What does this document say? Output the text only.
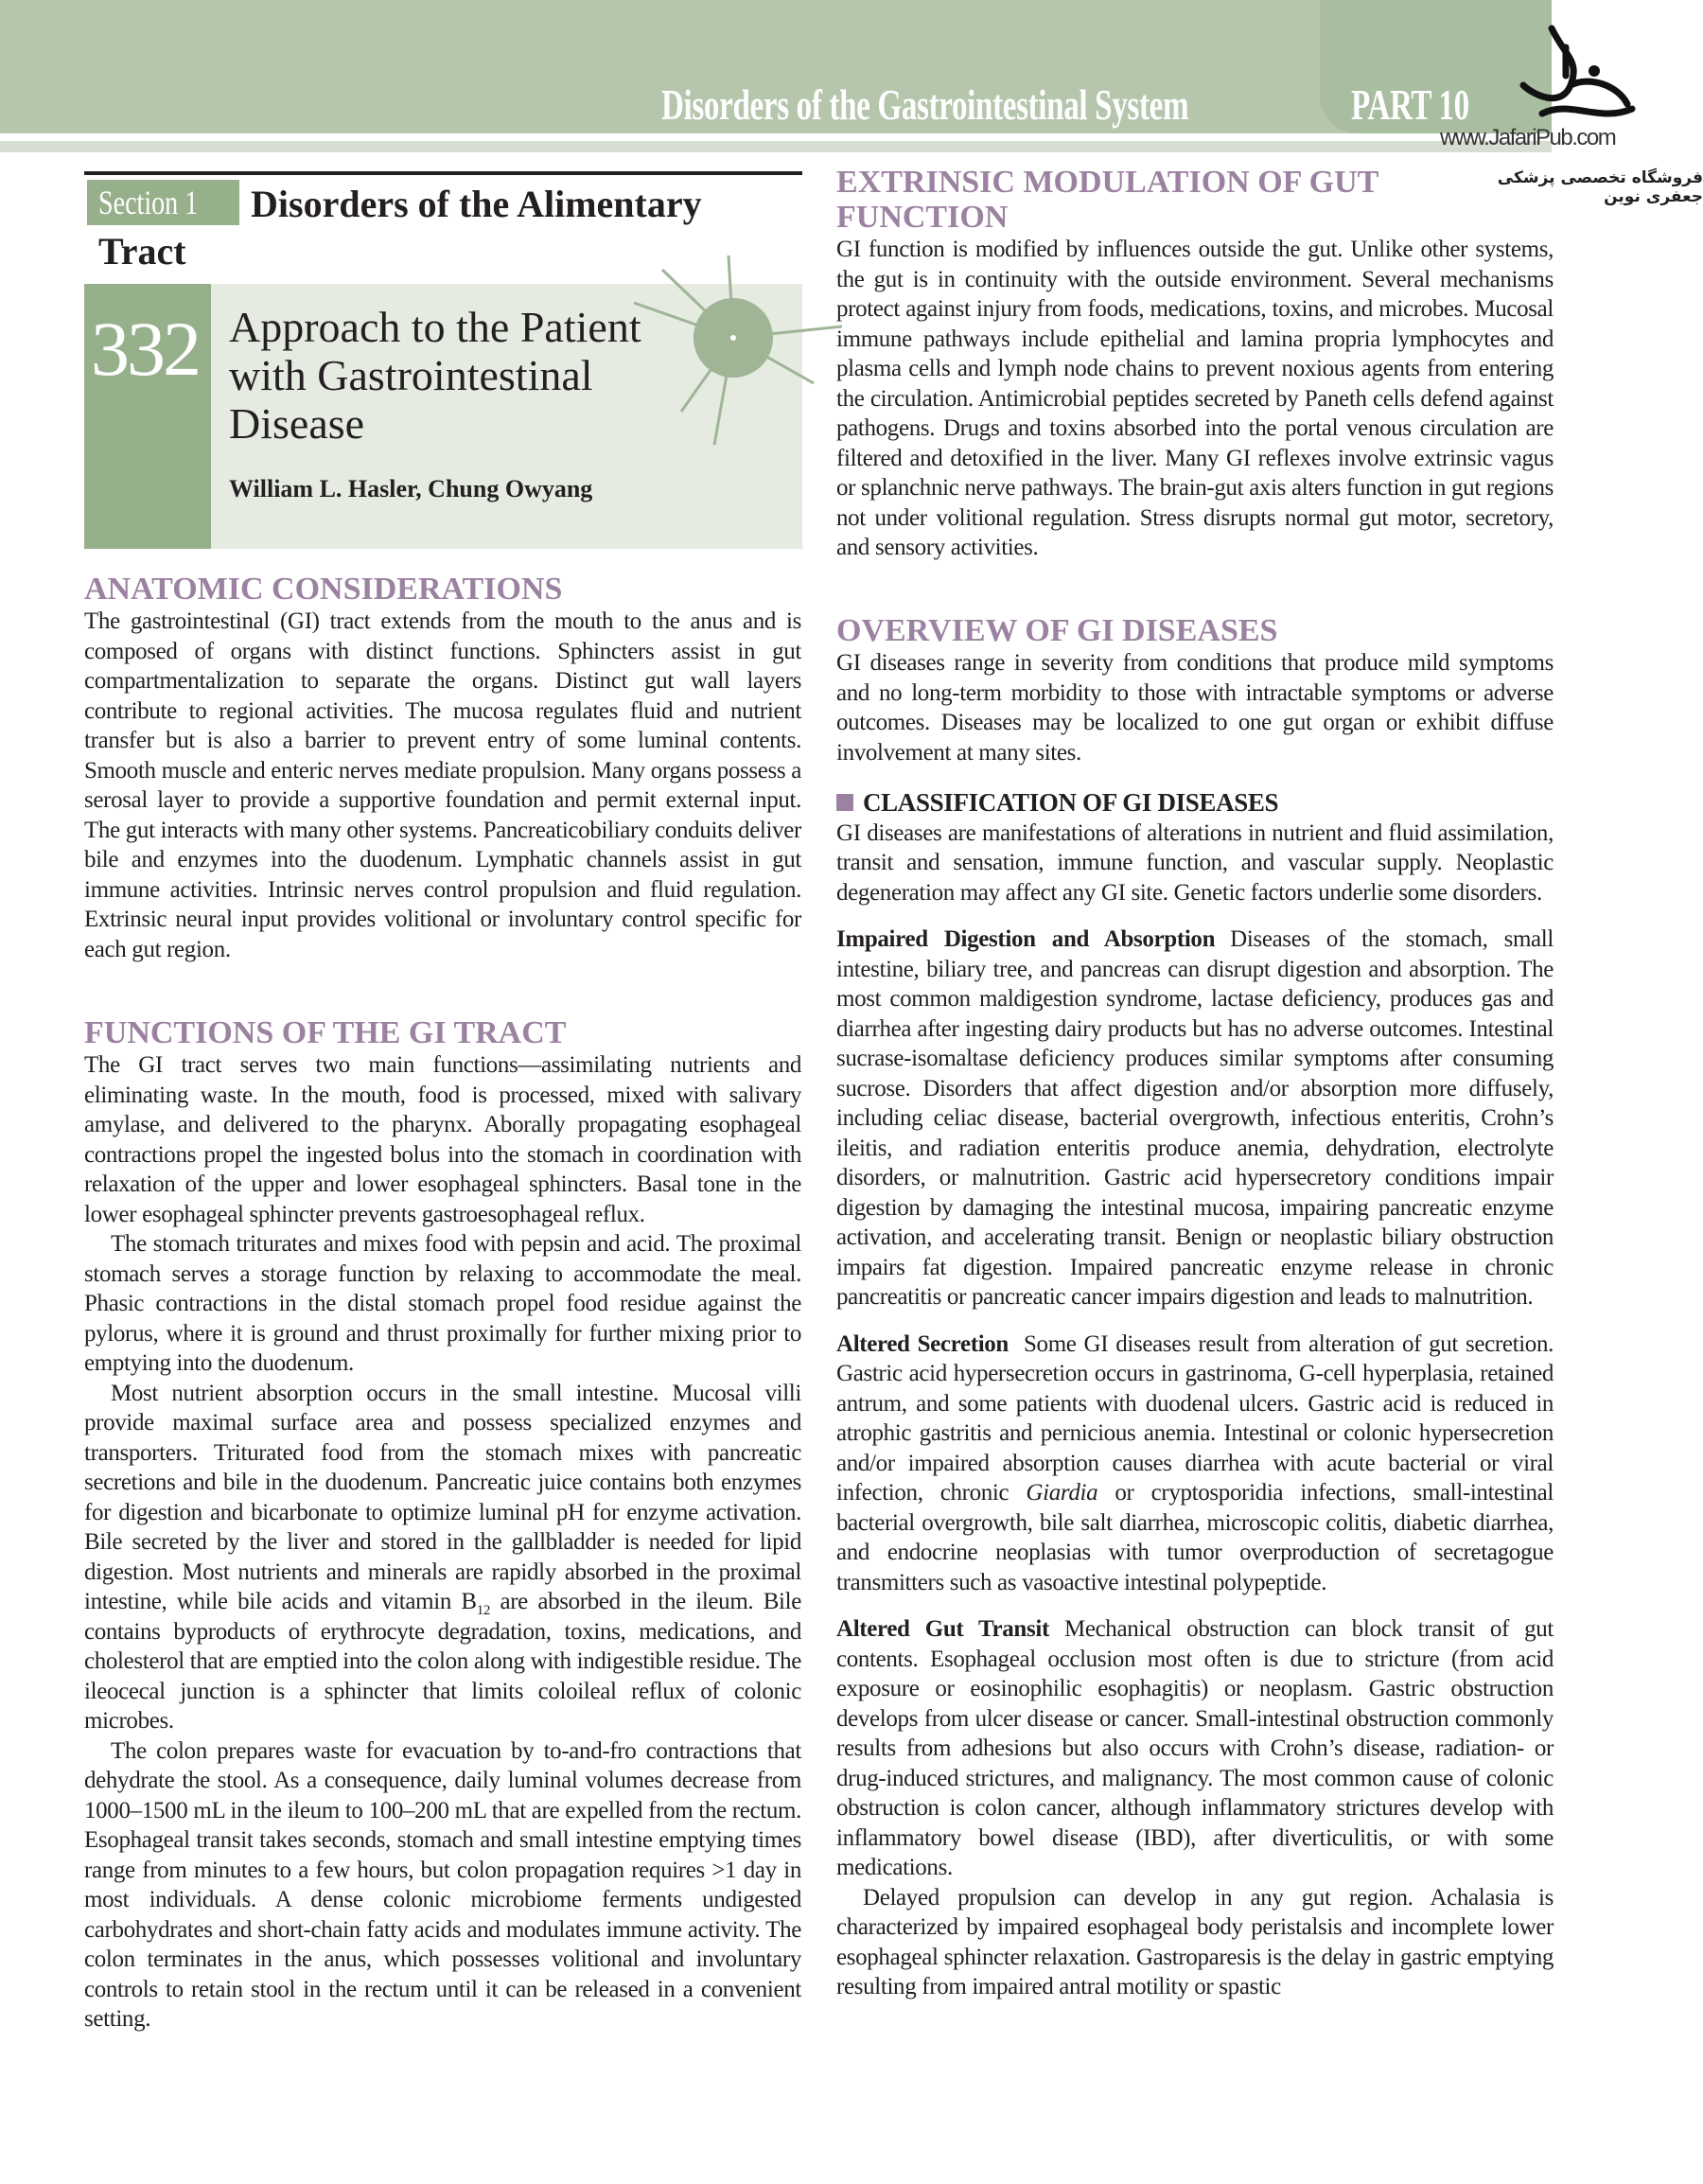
Disorders of the Gastrointestinal System	PART 10
www.JafariPub.com
فروشگاه تخصصی پزشکی جعفری نوین
Section 1	Disorders of the Alimentary
Tract
332 Approach to the Patient
with Gastrointestinal
Disease
William L. Hasler, Chung Owyang
ANATOMIC CONSIDERATIONS

The gastrointestinal (GI) tract extends from the mouth to the anus and is composed of organs with distinct functions. Sphincters assist in gut compartmentalization to separate the organs. Distinct gut wall layers contribute to regional activities. The mucosa regulates fluid and nutrient transfer but is also a barrier to prevent entry of some luminal contents. Smooth muscle and enteric nerves mediate propulsion. Many organs possess a serosal layer to provide a supportive foundation and permit external input. The gut interacts with many other systems. Pancreaticobiliary conduits deliver bile and enzymes into the duodenum. Lymphatic channels assist in gut immune activities. Intrinsic nerves control propulsion and fluid regulation. Extrinsic neural input provides volitional or involuntary control specific for each gut region.

FUNCTIONS OF THE GI TRACT

The GI tract serves two main functions—assimilating nutrients and eliminating waste. In the mouth, food is processed, mixed with salivary amylase, and delivered to the pharynx. Aborally propagating esophageal contractions propel the ingested bolus into the stomach in coordination with relaxation of the upper and lower esophageal sphincters. Basal tone in the lower esophageal sphincter prevents gastroesophageal reflux.

The stomach triturates and mixes food with pepsin and acid. The proximal stomach serves a storage function by relaxing to accommodate the meal. Phasic contractions in the distal stomach propel food residue against the pylorus, where it is ground and thrust proximally for further mixing prior to emptying into the duodenum.

Most nutrient absorption occurs in the small intestine. Mucosal villi provide maximal surface area and possess specialized enzymes and transporters. Triturated food from the stomach mixes with pancreatic secretions and bile in the duodenum. Pancreatic juice contains both enzymes for digestion and bicarbonate to optimize luminal pH for enzyme activation. Bile secreted by the liver and stored in the gallbladder is needed for lipid digestion. Most nutrients and minerals are rapidly absorbed in the proximal intestine, while bile acids and vitamin $B_{12}$ are absorbed in the ileum. Bile contains byproducts of erythrocyte degradation, toxins, medications, and cholesterol that are emptied into the colon along with indigestible residue. The ileocecal junction is a sphincter that limits coloileal reflux of colonic microbes.

The colon prepares waste for evacuation by to-and-fro contractions that dehydrate the stool. As a consequence, daily luminal volumes decrease from 1000–1500 mL in the ileum to 100–200 mL that are expelled from the rectum. Esophageal transit takes seconds, stomach and small intestine emptying times range from minutes to a few hours, but colon propagation requires >1 day in most individuals. A dense colonic microbiome ferments undigested carbohydrates and short-chain fatty acids and modulates immune activity. The colon terminates in the anus, which possesses volitional and involuntary controls to retain stool in the rectum until it can be released in a convenient setting.

EXTRINSIC MODULATION OF GUT FUNCTION

GI function is modified by influences outside the gut. Unlike other systems, the gut is in continuity with the outside environment. Several mechanisms protect against injury from foods, medications, toxins, and microbes. Mucosal immune pathways include epithelial and lamina propria lymphocytes and plasma cells and lymph node chains to prevent noxious agents from entering the circulation. Antimicrobial peptides secreted by Paneth cells defend against pathogens. Drugs and toxins absorbed into the portal venous circulation are filtered and detoxified in the liver. Many GI reflexes involve extrinsic vagus or splanchnic nerve pathways. The brain-gut axis alters function in gut regions not under volitional regulation. Stress disrupts normal gut motor, secretory, and sensory activities.

OVERVIEW OF GI DISEASES

GI diseases range in severity from conditions that produce mild symptoms and no long-term morbidity to those with intractable symptoms or adverse outcomes. Diseases may be localized to one gut organ or exhibit diffuse involvement at many sites.

CLASSIFICATION OF GI DISEASES

GI diseases are manifestations of alterations in nutrient and fluid assimilation, transit and sensation, immune function, and vascular supply. Neoplastic degeneration may affect any GI site. Genetic factors underlie some disorders.

Impaired Digestion and Absorption Diseases of the stomach, small intestine, biliary tree, and pancreas can disrupt digestion and absorption. The most common maldigestion syndrome, lactase deficiency, produces gas and diarrhea after ingesting dairy products but has no adverse outcomes. Intestinal sucrase-isomaltase deficiency produces similar symptoms after consuming sucrose. Disorders that affect digestion and/or absorption more diffusely, including celiac disease, bacterial overgrowth, infectious enteritis, Crohn’s ileitis, and radiation enteritis produce anemia, dehydration, electrolyte disorders, or malnutrition. Gastric acid hypersecretory conditions impair digestion by damaging the intestinal mucosa, impairing pancreatic enzyme activation, and accelerating transit. Benign or neoplastic biliary obstruction impairs fat digestion. Impaired pancreatic enzyme release in chronic pancreatitis or pancreatic cancer impairs digestion and leads to malnutrition.

Altered Secretion Some GI diseases result from alteration of gut secretion. Gastric acid hypersecretion occurs in gastrinoma, G-cell hyperplasia, retained antrum, and some patients with duodenal ulcers. Gastric acid is reduced in atrophic gastritis and pernicious anemia. Intestinal or colonic hypersecretion and/or impaired absorption causes diarrhea with acute bacterial or viral infection, chronic Giardia or cryptosporidia infections, small-intestinal bacterial overgrowth, bile salt diarrhea, microscopic colitis, diabetic diarrhea, and endocrine neoplasias with tumor overproduction of secretagogue transmitters such as vasoactive intestinal polypeptide.

Altered Gut Transit Mechanical obstruction can block transit of gut contents. Esophageal occlusion most often is due to stricture (from acid exposure or eosinophilic esophagitis) or neoplasm. Gastric obstruction develops from ulcer disease or cancer. Small-intestinal obstruction commonly results from adhesions but also occurs with Crohn’s disease, radiation- or drug-induced strictures, and malignancy. The most common cause of colonic obstruction is colon cancer, although inflammatory strictures develop with inflammatory bowel disease (IBD), after diverticulitis, or with some medications.

Delayed propulsion can develop in any gut region. Achalasia is characterized by impaired esophageal body peristalsis and incomplete lower esophageal sphincter relaxation. Gastroparesis is the delay in gastric emptying resulting from impaired antral motility or spastic
